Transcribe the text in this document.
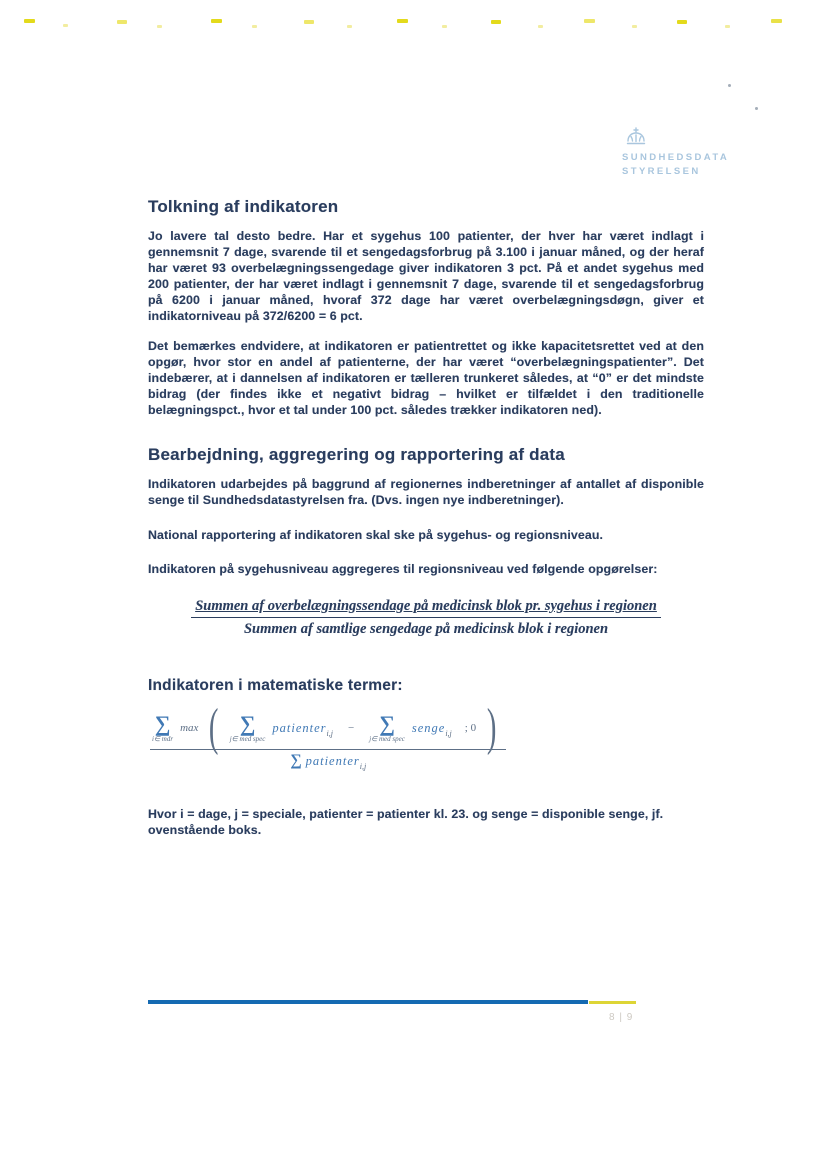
SUNDHEDSDATA
STYRELSEN
Tolkning af indikatoren
Jo lavere tal desto bedre. Har et sygehus 100 patienter, der hver har været indlagt i gennemsnit 7 dage, svarende til et sengedagsforbrug på 3.100 i januar måned, og der heraf har været 93 overbelægningssengedage giver indikatoren 3 pct. På et andet sygehus med 200 patienter, der har været indlagt i gennemsnit 7 dage, svarende til et sengedagsforbrug på 6200 i januar måned, hvoraf 372 dage har været overbelægningsdøgn, giver et indikatorniveau på 372/6200 = 6 pct.
Det bemærkes endvidere, at indikatoren er patientrettet og ikke kapacitetsrettet ved at den opgør, hvor stor en andel af patienterne, der har været “overbelægningspatienter”. Det indebærer, at i dannelsen af indikatoren er tælleren trunkeret således, at “0” er det mindste bidrag (der findes ikke et negativt bidrag – hvilket er tilfældet i den traditionelle belægningspct., hvor et tal under 100 pct. således trækker indikatoren ned).
Bearbejdning, aggregering og rapportering af data
Indikatoren udarbejdes på baggrund af regionernes indberetninger af antallet af disponible senge til Sundhedsdatastyrelsen fra. (Dvs. ingen nye indberetninger).
National rapportering af indikatoren skal ske på sygehus- og regionsniveau.
Indikatoren på sygehusniveau aggregeres til regionsniveau ved følgende opgørelser:
Summen af overbelægningssendage på medicinsk blok pr. sygehus i regionen
Summen af samtlige sengedage på medicinsk blok i regionen
Indikatoren i matematiske termer:
∑
i∈ mdr
max ( ∑
j∈ med spec
patienter$_{i,j}$ − ∑
j∈ med spec
senge$_{i,j}$ ; 0 )
∑ patienter$_{i,j}$
Hvor i = dage, j = speciale, patienter = patienter kl. 23. og senge = disponible senge, jf. ovenstående boks.
8 | 9
